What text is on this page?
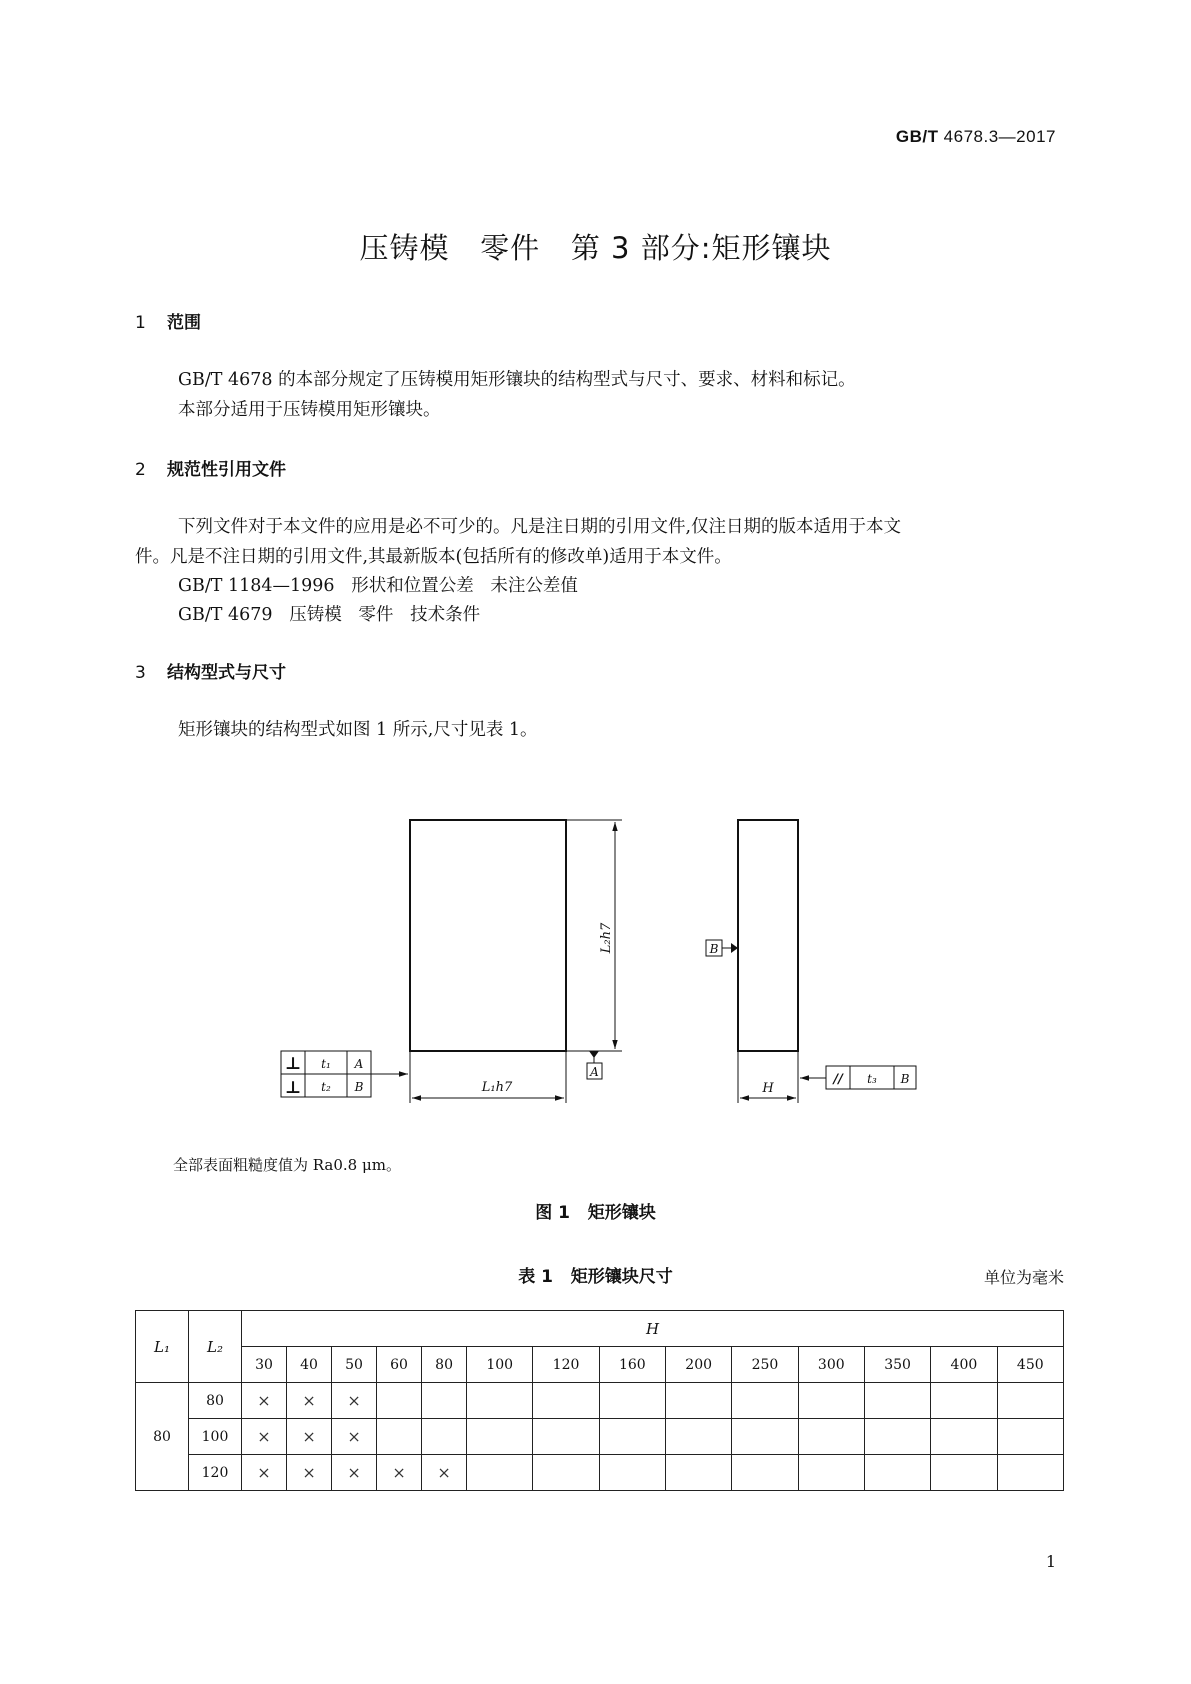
GB/T 4678.3—2017
压铸模   零件   第 3 部分:矩形镶块
1 范围
GB/T 4678 的本部分规定了压铸模用矩形镶块的结构型式与尺寸、要求、材料和标记。
本部分适用于压铸模用矩形镶块。
2 规范性引用文件
下列文件对于本文件的应用是必不可少的。凡是注日期的引用文件,仅注日期的版本适用于本文
件。凡是不注日期的引用文件,其最新版本(包括所有的修改单)适用于本文件。
GB/T 1184—1996   形状和位置公差   未注公差值
GB/T 4679   压铸模   零件   技术条件
3 结构型式与尺寸
矩形镶块的结构型式如图 1 所示,尺寸见表 1。
L₂h7
L₁h7	H
A
B
⊥
⊥
t₁
t₂
A
B	// t₃ B
全部表面粗糙度值为 Ra0.8 μm。
图 1   矩形镶块
表 1   矩形镶块尺寸	单位为毫米
L₁	L₂	H													
		30	40	50	60	80	100	120	160	200	250	300	350	400	450
80	80	×	×	×											
	100	×	×	×											
	120	×	×	×	×	×									
1
